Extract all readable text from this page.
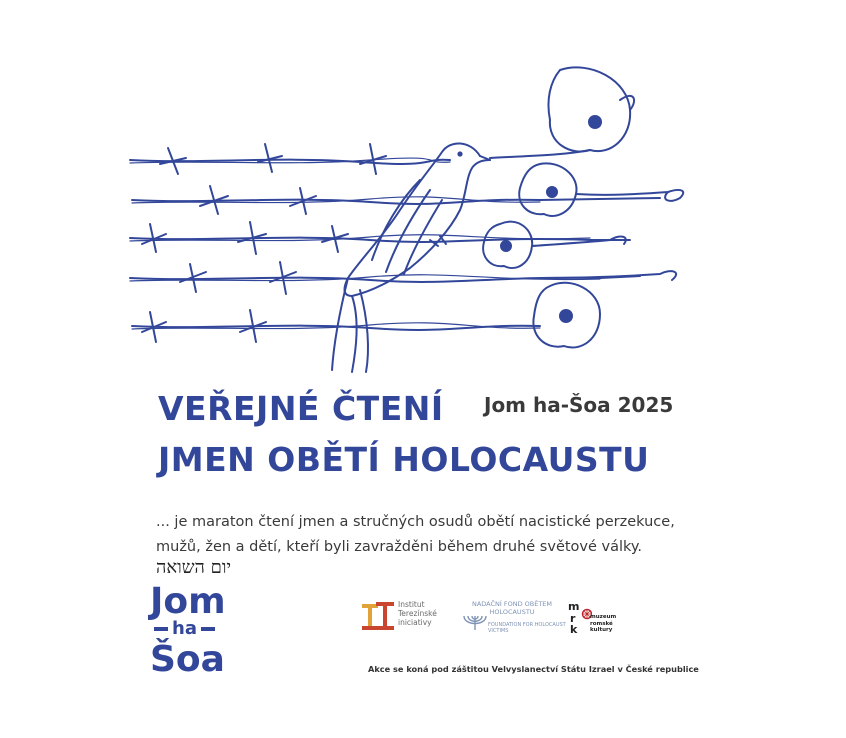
VEŘEJNÉ ČTENÍ
JMEN OBĚTÍ HOLOCAUSTU
Jom ha-Šoa 2025
... je maraton čtení jmen a stručných osudů obětí nacistické perzekuce,
mužů, žen a dětí, kteří byli zavražděni během druhé světové války.
יום השואה
Jom
ha
Šoa
Institut Terezínské iniciativy
NADAČNÍ FOND OBĚTEM HOLOCAUSTU
FOUNDATION FOR HOLOCAUST VICTIMS
m
r
k
muzeum romské kultury
Akce se koná pod záštitou Velvyslanectví Státu Izrael v České republice
